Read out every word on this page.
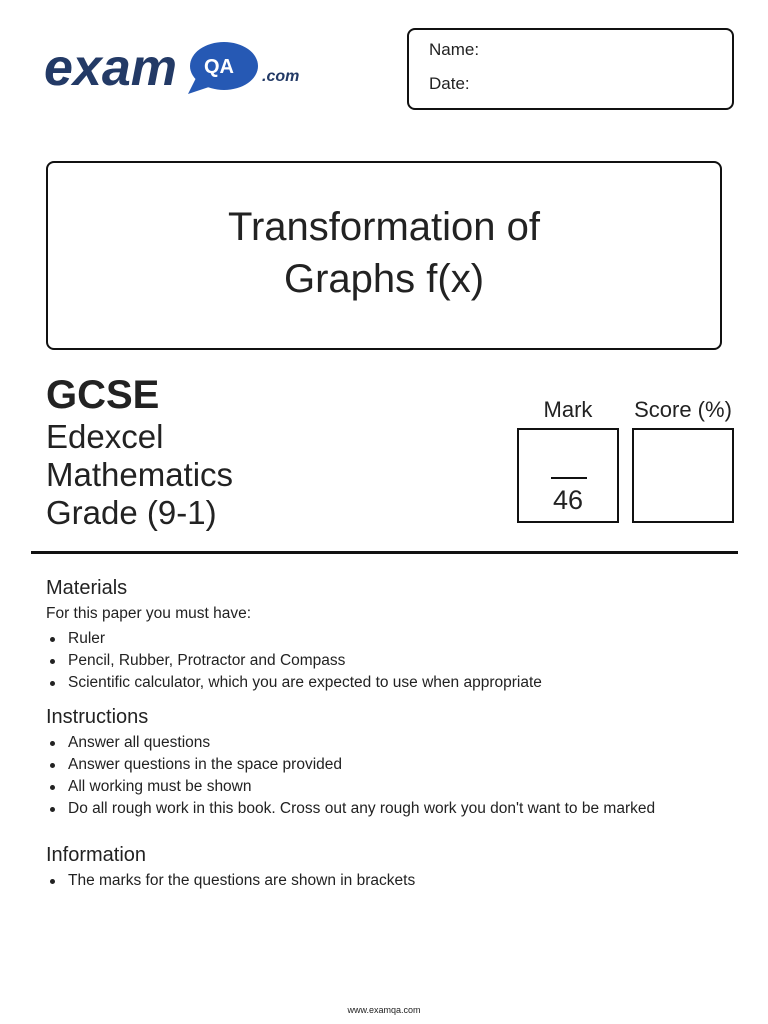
exam QA .com
Name:
Date:
Transformation of
Graphs f(x)
GCSE
Edexcel
Mathematics
Grade (9-1)
Mark	Score (%)
46
Materials
For this paper you must have:
Ruler
Pencil, Rubber, Protractor and Compass
Scientific calculator, which you are expected to use when appropriate
Instructions
Answer all questions
Answer questions in the space provided
All working must be shown
Do all rough work in this book. Cross out any rough work you don't want to be marked
Information
The marks for the questions are shown in brackets
www.examqa.com
